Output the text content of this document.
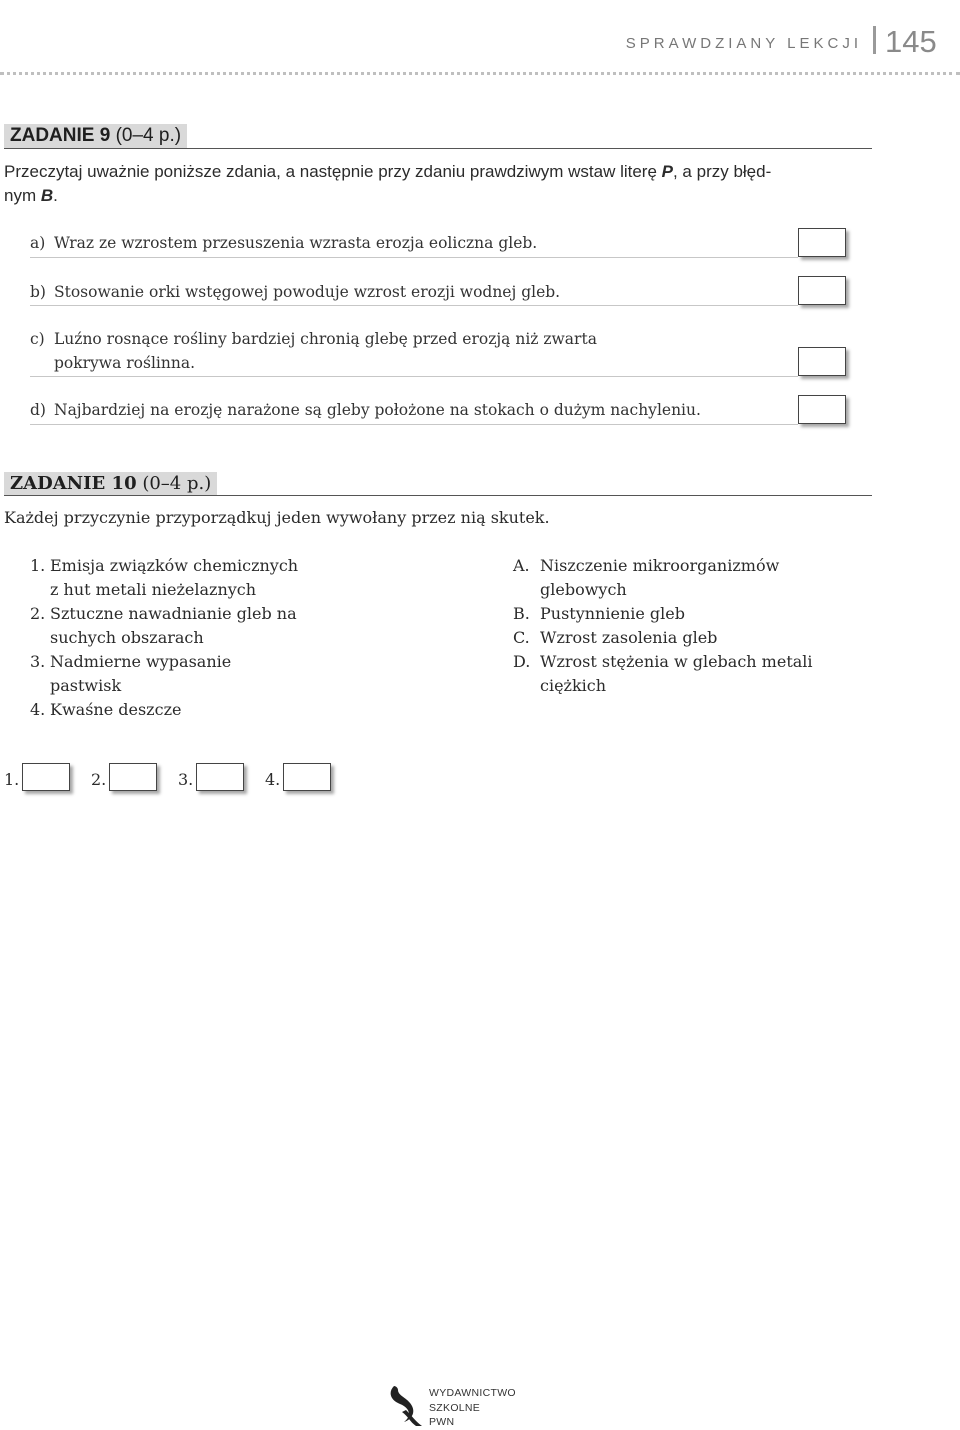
SPRAWDZIANY LEKCJI 145
ZADANIE 9 (0–4 p.)
Przeczytaj uważnie poniższe zdania, a następnie przy zdaniu prawdziwym wstaw literę P, a przy błęd-
nym B.
a) Wraz ze wzrostem przesuszenia wzrasta erozja eoliczna gleb.
b) Stosowanie orki wstęgowej powoduje wzrost erozji wodnej gleb.
c) Luźno rosnące rośliny bardziej chronią glebę przed erozją niż zwarta
pokrywa roślinna.
d) Najbardziej na erozję narażone są gleby położone na stokach o dużym nachyleniu.
ZADANIE 10 (0–4 p.)
Każdej przyczynie przyporządkuj jeden wywołany przez nią skutek.
1. Emisja związków chemicznych
z hut metali nieżelaznych
2. Sztuczne nawadnianie gleb na
suchych obszarach
3. Nadmierne wypasanie
pastwisk
4. Kwaśne deszcze
A. Niszczenie mikroorganizmów
glebowych
B. Pustynnienie gleb
C. Wzrost zasolenia gleb
D. Wzrost stężenia w glebach metali
ciężkich
1.	2.	3.	4.
WYDAWNICTWO
SZKOLNE
PWN
